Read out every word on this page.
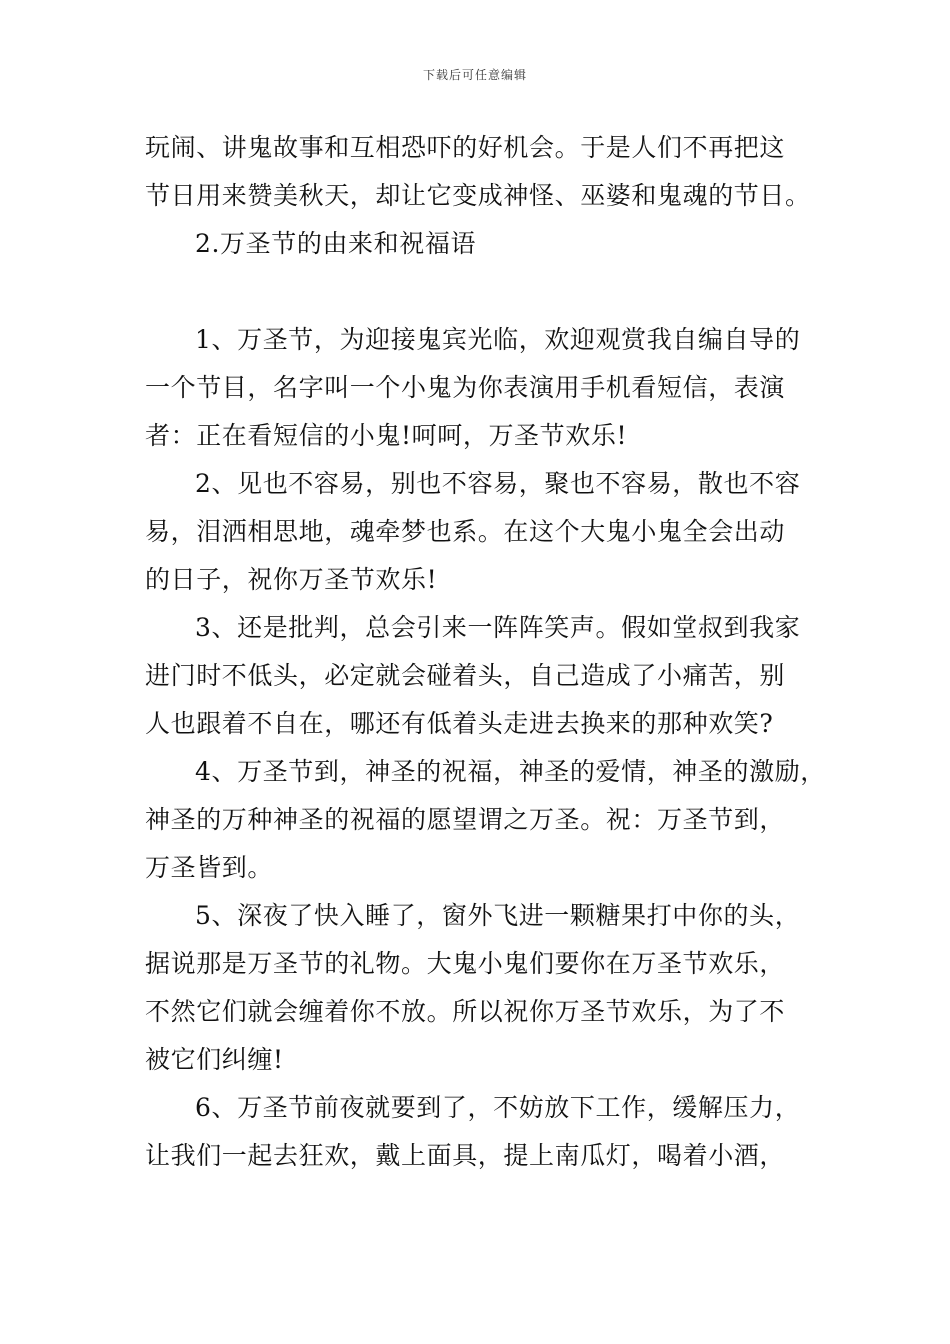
下载后可任意编辑
玩闹、讲鬼故事和互相恐吓的好机会。于是人们不再把这
节日用来赞美秋天，却让它变成神怪、巫婆和鬼魂的节日。
2.万圣节的由来和祝福语
1、万圣节，为迎接鬼宾光临，欢迎观赏我自编自导的
一个节目，名字叫一个小鬼为你表演用手机看短信，表演
者：正在看短信的小鬼!呵呵，万圣节欢乐!
2、见也不容易，别也不容易，聚也不容易，散也不容
易，泪洒相思地，魂牵梦也系。在这个大鬼小鬼全会出动
的日子，祝你万圣节欢乐!
3、还是批判，总会引来一阵阵笑声。假如堂叔到我家
进门时不低头，必定就会碰着头，自己造成了小痛苦，别
人也跟着不自在，哪还有低着头走进去换来的那种欢笑?
4、万圣节到，神圣的祝福，神圣的爱情，神圣的激励，
神圣的万种神圣的祝福的愿望谓之万圣。祝：万圣节到，
万圣皆到。
5、深夜了快入睡了，窗外飞进一颗糖果打中你的头，
据说那是万圣节的礼物。大鬼小鬼们要你在万圣节欢乐，
不然它们就会缠着你不放。所以祝你万圣节欢乐，为了不
被它们纠缠!
6、万圣节前夜就要到了，不妨放下工作，缓解压力，
让我们一起去狂欢，戴上面具，提上南瓜灯，喝着小酒，
